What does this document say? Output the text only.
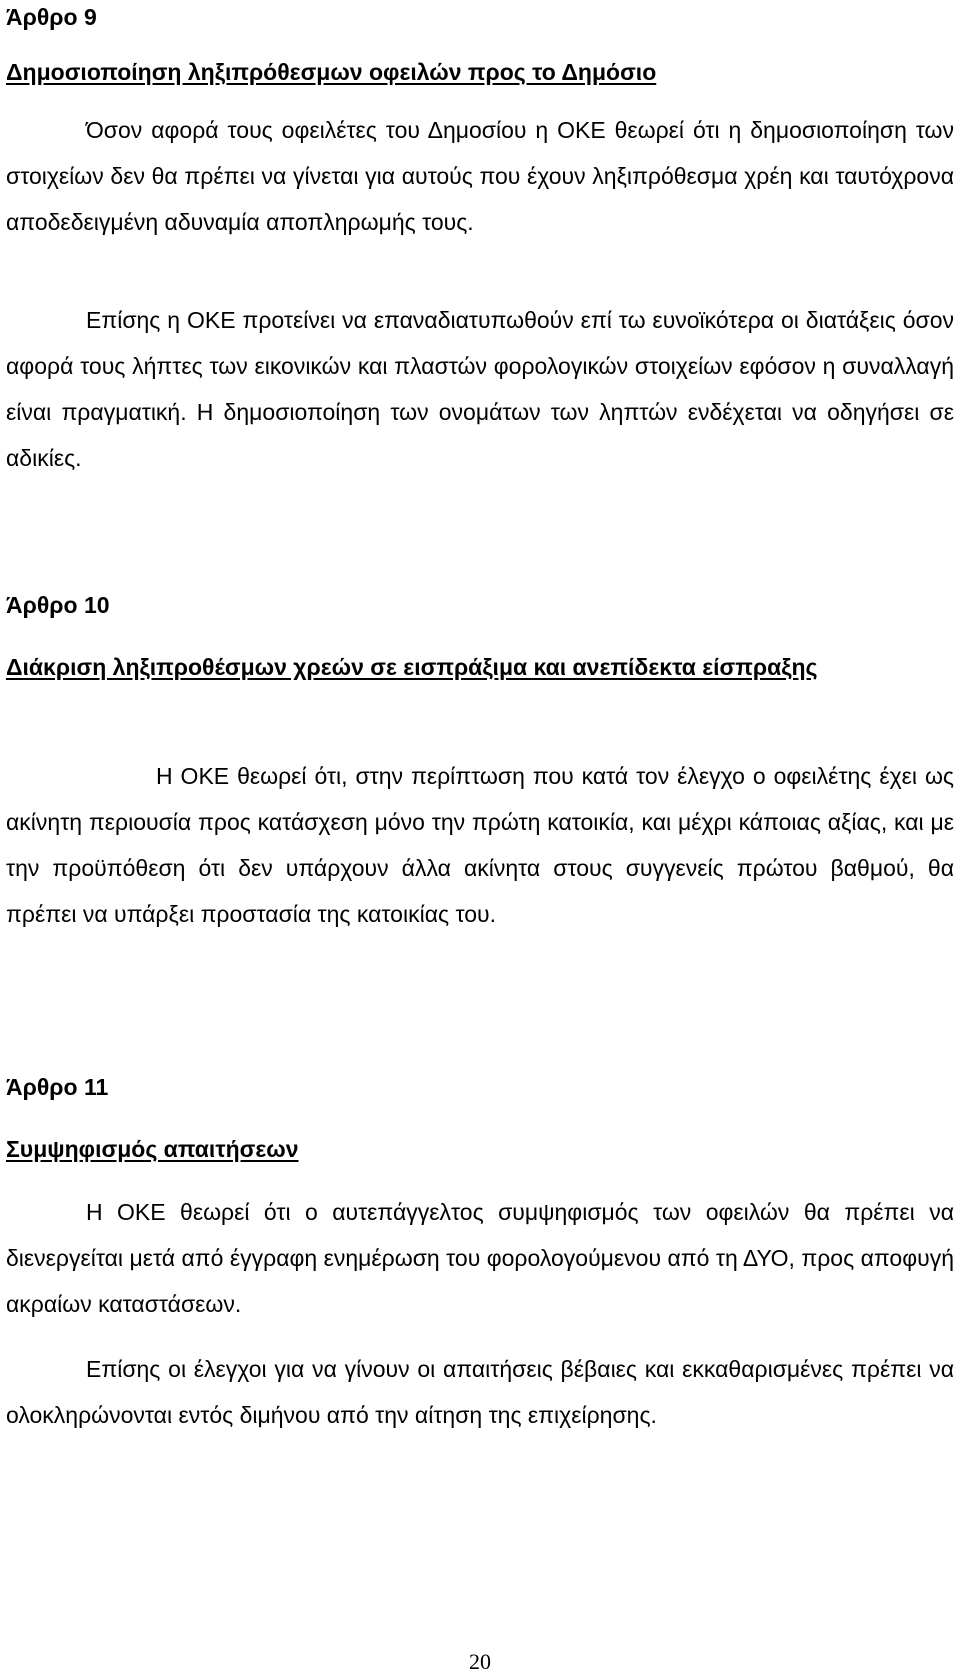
Άρθρο 9
Δημοσιοποίηση ληξιπρόθεσμων οφειλών προς το Δημόσιο
Όσον αφορά τους οφειλέτες του Δημοσίου η ΟΚΕ θεωρεί ότι η δημοσιοποίηση των στοιχείων δεν θα πρέπει να γίνεται για αυτούς που έχουν ληξιπρόθεσμα χρέη και ταυτόχρονα αποδεδειγμένη αδυναμία αποπληρωμής τους.
Επίσης η ΟΚΕ προτείνει να επαναδιατυπωθούν επί τω ευνοϊκότερα οι διατάξεις όσον αφορά τους λήπτες των εικονικών και πλαστών φορολογικών στοιχείων εφόσον η συναλλαγή είναι πραγματική. Η δημοσιοποίηση των ονομάτων των ληπτών ενδέχεται να οδηγήσει σε αδικίες.
Άρθρο 10
Διάκριση ληξιπροθέσμων χρεών σε εισπράξιμα και ανεπίδεκτα είσπραξης
Η ΟΚΕ θεωρεί ότι, στην περίπτωση που κατά τον έλεγχο ο οφειλέτης έχει ως ακίνητη περιουσία προς κατάσχεση μόνο την πρώτη κατοικία, και μέχρι κάποιας αξίας, και με την προϋπόθεση ότι δεν υπάρχουν άλλα ακίνητα στους συγγενείς πρώτου βαθμού, θα πρέπει να υπάρξει προστασία της κατοικίας του.
Άρθρο 11
Συμψηφισμός απαιτήσεων
Η ΟΚΕ θεωρεί ότι ο αυτεπάγγελτος συμψηφισμός των οφειλών θα πρέπει να διενεργείται μετά από έγγραφη ενημέρωση του φορολογούμενου από τη ΔΥΟ, προς αποφυγή ακραίων καταστάσεων.
Επίσης οι έλεγχοι για να γίνουν οι απαιτήσεις βέβαιες και εκκαθαρισμένες πρέπει να ολοκληρώνονται εντός διμήνου από την αίτηση της επιχείρησης.
20
